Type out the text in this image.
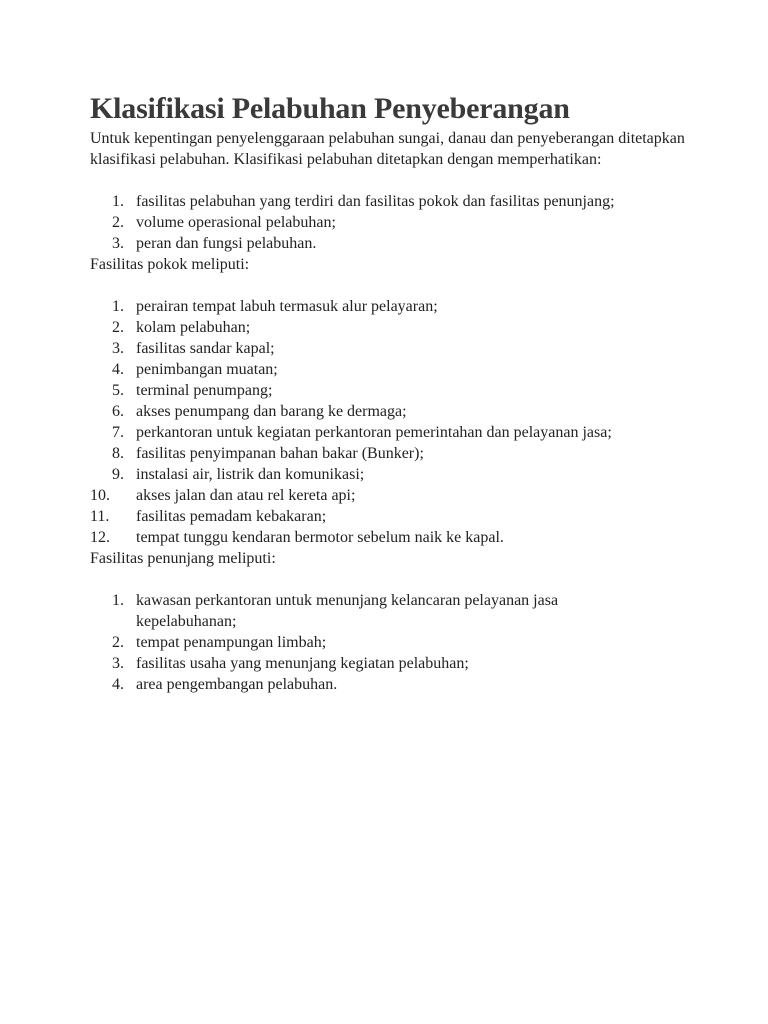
Klasifikasi Pelabuhan Penyeberangan

Untuk kepentingan penyelenggaraan pelabuhan sungai, danau dan penyeberangan ditetapkan klasifikasi pelabuhan. Klasifikasi pelabuhan ditetapkan dengan memperhatikan:

1. fasilitas pelabuhan yang terdiri dan fasilitas pokok dan fasilitas penunjang;
2. volume operasional pelabuhan;
3. peran dan fungsi pelabuhan.

Fasilitas pokok meliputi:

1. perairan tempat labuh termasuk alur pelayaran;
2. kolam pelabuhan;
3. fasilitas sandar kapal;
4. penimbangan muatan;
5. terminal penumpang;
6. akses penumpang dan barang ke dermaga;
7. perkantoran untuk kegiatan perkantoran pemerintahan dan pelayanan jasa;
8. fasilitas penyimpanan bahan bakar (Bunker);
9. instalasi air, listrik dan komunikasi;
10. akses jalan dan atau rel kereta api;
11. fasilitas pemadam kebakaran;
12. tempat tunggu kendaran bermotor sebelum naik ke kapal.

Fasilitas penunjang meliputi:

1. kawasan perkantoran untuk menunjang kelancaran pelayanan jasa kepelabuhanan;
2. tempat penampungan limbah;
3. fasilitas usaha yang menunjang kegiatan pelabuhan;
4. area pengembangan pelabuhan.
